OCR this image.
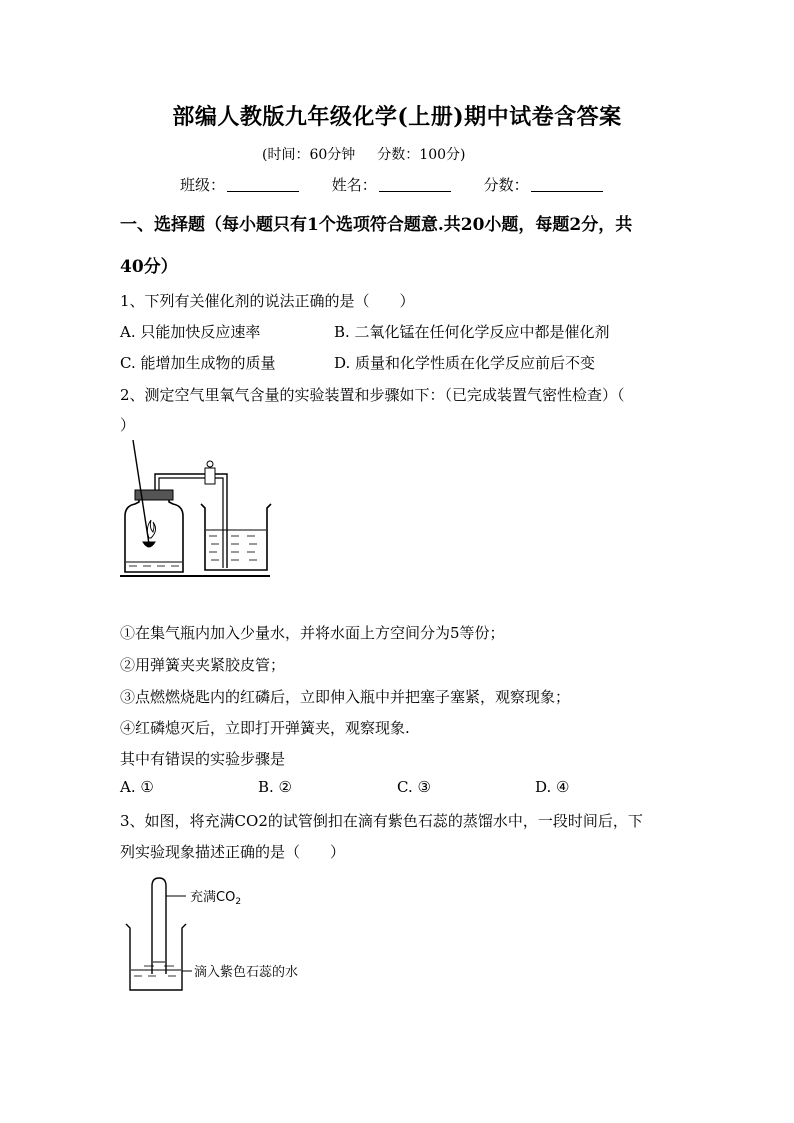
部编人教版九年级化学(上册)期中试卷含答案
(时间：60分钟 分数：100分)
班级：	姓名：	分数：
一、选择题（每小题只有1个选项符合题意.共20小题，每题2分，共
40分）
1、下列有关催化剂的说法正确的是（　　）
A. 只能加快反应速率	B. 二氧化锰在任何化学反应中都是催化剂
C. 能增加生成物的质量	D. 质量和化学性质在化学反应前后不变
2、测定空气里氧气含量的实验装置和步骤如下：（已完成装置气密性检查）（
）
①在集气瓶内加入少量水，并将水面上方空间分为5等份；
②用弹簧夹夹紧胶皮管；
③点燃燃烧匙内的红磷后，立即伸入瓶中并把塞子塞紧，观察现象；
④红磷熄灭后，立即打开弹簧夹，观察现象.
其中有错误的实验步骤是
A. ①	B. ②	C. ③	D. ④
3、如图，将充满CO2的试管倒扣在滴有紫色石蕊的蒸馏水中，一段时间后，下
列实验现象描述正确的是（　　）
充满$CO_2$
滴入紫色石蕊的水
